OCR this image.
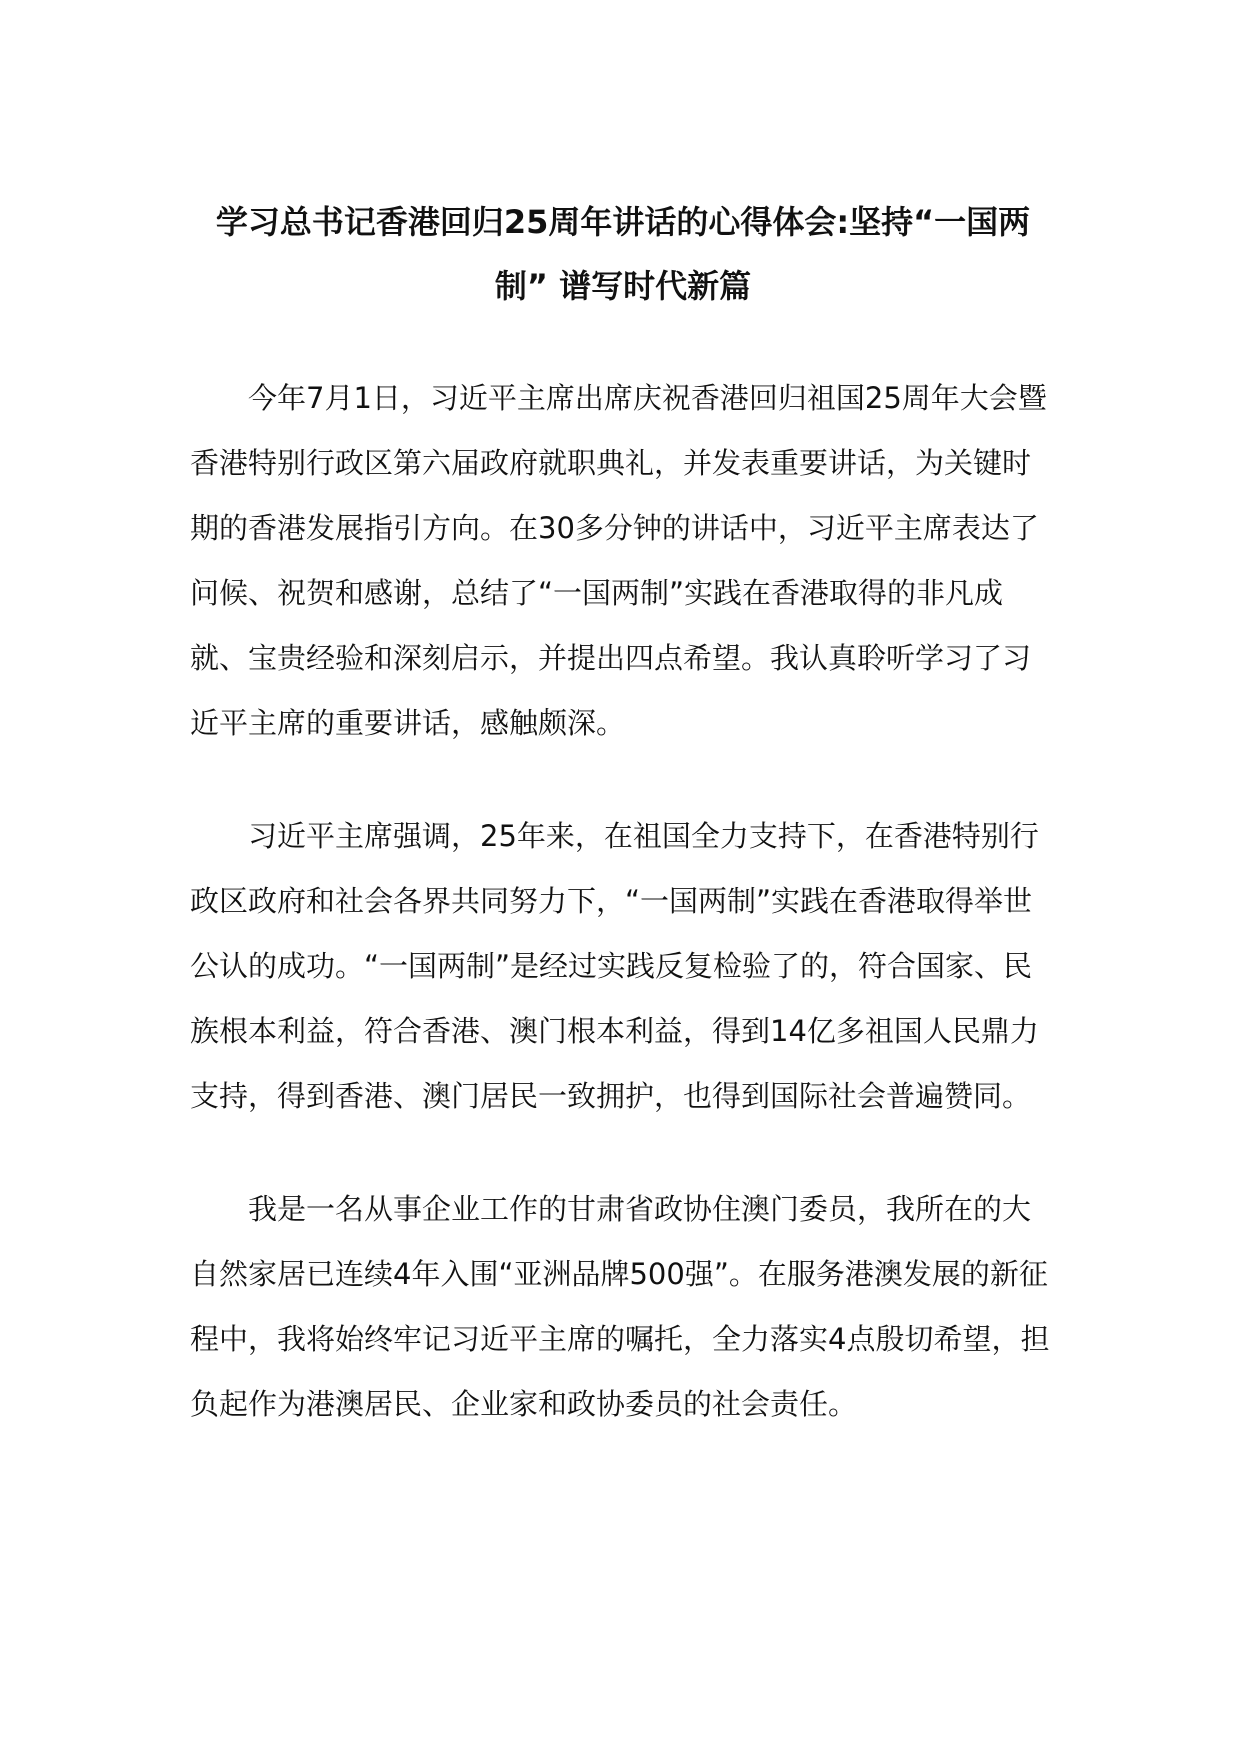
学习总书记香港回归25周年讲话的心得体会:坚持“一国两制” 谱写时代新篇

今年7月1日，习近平主席出席庆祝香港回归祖国25周年大会暨香港特别行政区第六届政府就职典礼，并发表重要讲话，为关键时期的香港发展指引方向。在30多分钟的讲话中，习近平主席表达了问候、祝贺和感谢，总结了“一国两制”实践在香港取得的非凡成就、宝贵经验和深刻启示，并提出四点希望。我认真聆听学习了习近平主席的重要讲话，感触颇深。

习近平主席强调，25年来，在祖国全力支持下，在香港特别行政区政府和社会各界共同努力下，“一国两制”实践在香港取得举世公认的成功。“一国两制”是经过实践反复检验了的，符合国家、民族根本利益，符合香港、澳门根本利益，得到14亿多祖国人民鼎力支持，得到香港、澳门居民一致拥护，也得到国际社会普遍赞同。

我是一名从事企业工作的甘肃省政协住澳门委员，我所在的大自然家居已连续4年入围“亚洲品牌500强”。在服务港澳发展的新征程中，我将始终牢记习近平主席的嘱托，全力落实4点殷切希望，担负起作为港澳居民、企业家和政协委员的社会责任。
